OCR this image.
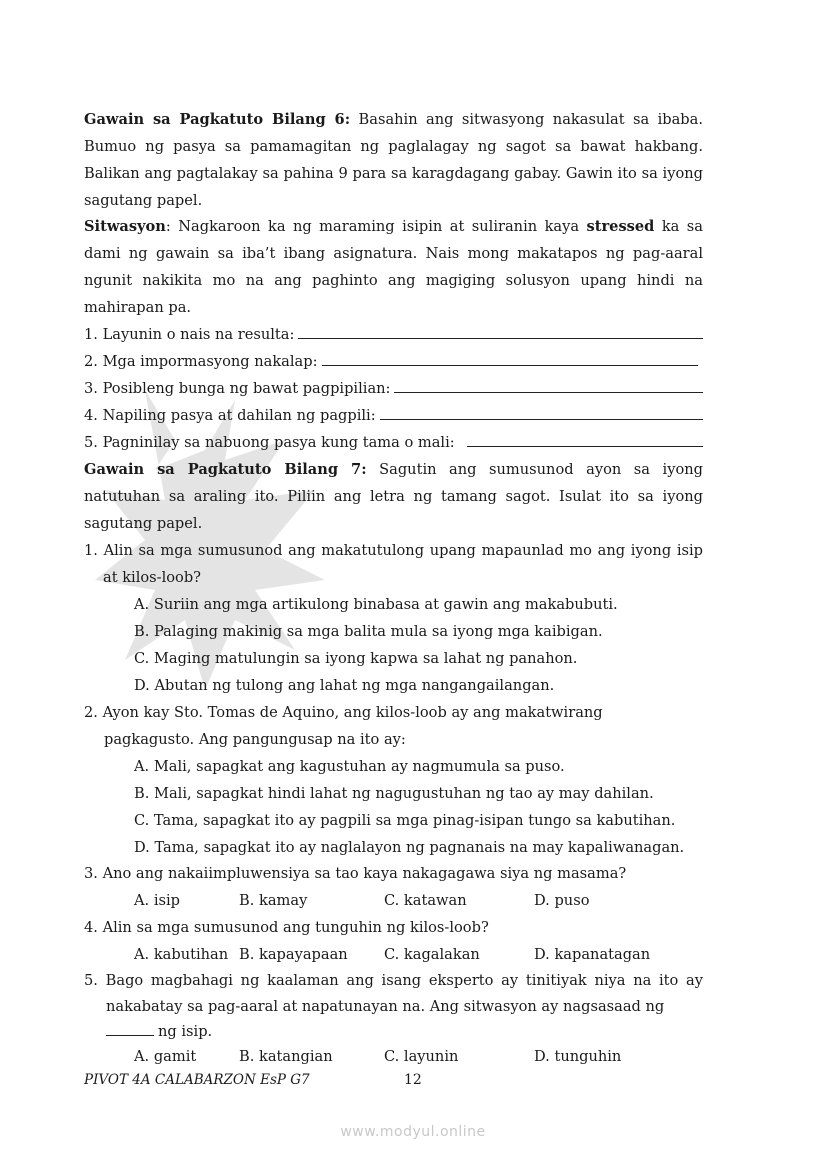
Gawain sa Pagkatuto Bilang 6: Basahin ang sitwasyong nakasulat sa ibaba. Bumuo ng pasya sa pamamagitan ng paglalagay ng sagot sa bawat hakbang. Balikan ang pagtalakay sa pahina 9 para sa karagdagang gabay. Gawin ito sa iyong sagutang papel.
Sitwasyon: Nagkaroon ka ng maraming isipin at suliranin kaya stressed ka sa dami ng gawain sa iba’t ibang asignatura. Nais mong makatapos ng pag-aaral ngunit nakikita mo na ang paghinto ang magiging solusyon upang hindi na mahirapan pa.
1. Layunin o nais na resulta:
2. Mga impormasyong nakalap:
3. Posibleng bunga ng bawat pagpipilian:
4. Napiling pasya at dahilan ng pagpili:
5. Pagninilay sa nabuong pasya kung tama o mali:
Gawain sa Pagkatuto Bilang 7: Sagutin ang sumusunod ayon sa iyong natutuhan sa araling ito. Piliin ang letra ng tamang sagot. Isulat ito sa iyong sagutang papel.
1. Alin sa mga sumusunod ang makatutulong upang mapaunlad mo ang iyong isip at kilos-loob?
A. Suriin ang mga artikulong binabasa at gawin ang makabubuti.
B. Palaging makinig sa mga balita mula sa iyong mga kaibigan.
C. Maging matulungin sa iyong kapwa sa lahat ng panahon.
D. Abutan ng tulong ang lahat ng mga nangangailangan.
2. Ayon kay Sto. Tomas de Aquino, ang kilos-loob ay ang makatwirang
pagkagusto. Ang pangungusap na ito ay:
A. Mali, sapagkat ang kagustuhan ay nagmumula sa puso.
B. Mali, sapagkat hindi lahat ng nagugustuhan ng tao ay may dahilan.
C. Tama, sapagkat ito ay pagpili sa mga pinag-isipan tungo sa kabutihan.
D. Tama, sapagkat ito ay naglalayon ng pagnanais na may kapaliwanagan.
3. Ano ang nakaiimpluwensiya sa tao kaya nakagagawa siya ng masama?
A. isip	B. kamay	C. katawan	D. puso
4. Alin sa mga sumusunod ang tunguhin ng kilos-loob?
A. kabutihan B. kapayapaan C. kagalakan	D. kapanatagan
5. Bago magbahagi ng kaalaman ang isang eksperto ay tinitiyak niya na ito ay
nakabatay sa pag-aaral at napatunayan na. Ang sitwasyon ay nagsasaad ng
ng isip.
A. gamit	B. katangian	C. layunin	D. tunguhin
PIVOT 4A CALABARZON EsP G7	12
www.modyul.online
